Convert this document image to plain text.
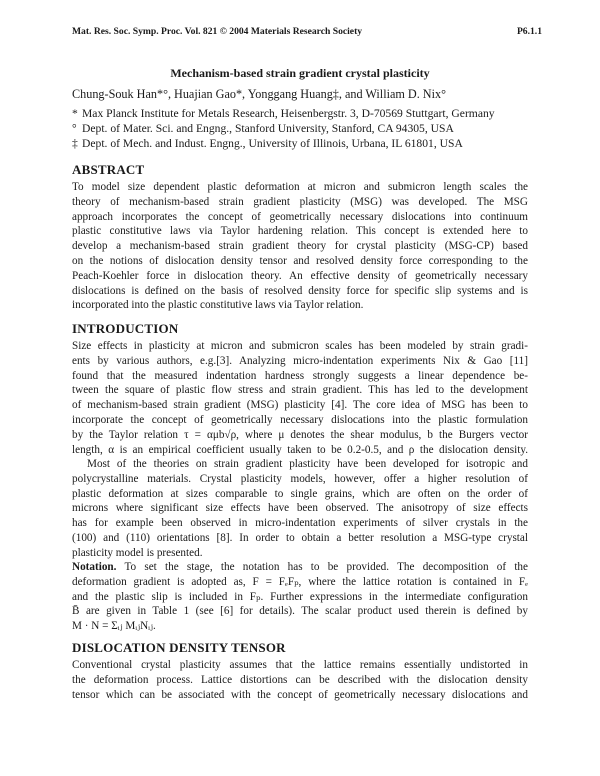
Mat. Res. Soc. Symp. Proc. Vol. 821 © 2004 Materials Research Society	P6.1.1
Mechanism-based strain gradient crystal plasticity
Chung-Souk Han*°, Huajian Gao*, Yonggang Huang‡, and William D. Nix°
* Max Planck Institute for Metals Research, Heisenbergstr. 3, D-70569 Stuttgart, Germany
° Dept. of Mater. Sci. and Engng., Stanford University, Stanford, CA 94305, USA
‡ Dept. of Mech. and Indust. Engng., University of Illinois, Urbana, IL 61801, USA
ABSTRACT
To model size dependent plastic deformation at micron and submicron length scales the
theory of mechanism-based strain gradient plasticity (MSG) was developed. The MSG
approach incorporates the concept of geometrically necessary dislocations into continuum
plastic constitutive laws via Taylor hardening relation. This concept is extended here to
develop a mechanism-based strain gradient theory for crystal plasticity (MSG-CP) based
on the notions of dislocation density tensor and resolved density force corresponding to the
Peach-Koehler force in dislocation theory. An effective density of geometrically necessary
dislocations is defined on the basis of resolved density force for specific slip systems and is
incorporated into the plastic constitutive laws via Taylor relation.
INTRODUCTION
Size effects in plasticity at micron and submicron scales has been modeled by strain gradi-
ents by various authors, e.g.[3]. Analyzing micro-indentation experiments Nix & Gao [11]
found that the measured indentation hardness strongly suggests a linear dependence be-
tween the square of plastic flow stress and strain gradient. This has led to the development
of mechanism-based strain gradient (MSG) plasticity [4]. The core idea of MSG has been to
incorporate the concept of geometrically necessary dislocations into the plastic formulation
by the Taylor relation τ = αμb√ρ, where μ denotes the shear modulus, b the Burgers vector
length, α is an empirical coefficient usually taken to be 0.2-0.5, and ρ the dislocation density.
Most of the theories on strain gradient plasticity have been developed for isotropic and
polycrystalline materials. Crystal plasticity models, however, offer a higher resolution of
plastic deformation at sizes comparable to single grains, which are often on the order of
microns where significant size effects have been observed. The anisotropy of size effects
has for example been observed in micro-indentation experiments of silver crystals in the
(100) and (110) orientations [8]. In order to obtain a better resolution a MSG-type crystal
plasticity model is presented.
Notation. To set the stage, the notation has to be provided. The decomposition of the
deformation gradient is adopted as, F = FₑFₚ, where the lattice rotation is contained in Fₑ
and the plastic slip is included in Fₚ. Further expressions in the intermediate configuration
B̄ are given in Table 1 (see [6] for details). The scalar product used therein is defined by
M · N = Σᵢⱼ MᵢⱼNᵢⱼ.
DISLOCATION DENSITY TENSOR
Conventional crystal plasticity assumes that the lattice remains essentially undistorted in
the deformation process. Lattice distortions can be described with the dislocation density
tensor which can be associated with the concept of geometrically necessary dislocations and
